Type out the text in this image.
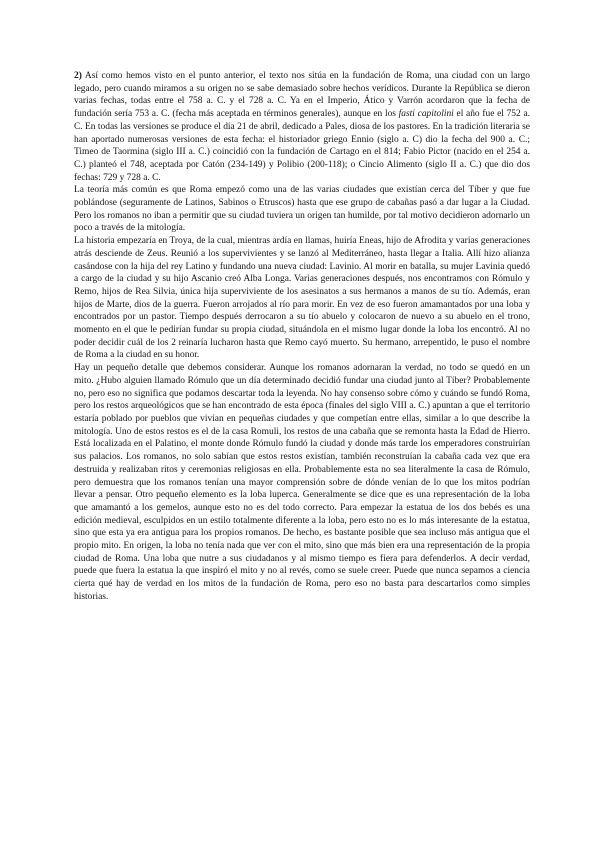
2) Así como hemos visto en el punto anterior, el texto nos sitúa en la fundación de Roma, una ciudad con un largo legado, pero cuando miramos a su origen no se sabe demasiado sobre hechos verídicos. Durante la República se dieron varias fechas, todas entre el 758 a. C. y el 728 a. C. Ya en el Imperio, Ático y Varrón acordaron que la fecha de fundación sería 753 a. C. (fecha más aceptada en términos generales), aunque en los fasti capitolini el año fue el 752 a. C. En todas las versiones se produce el día 21 de abril, dedicado a Pales, diosa de los pastores. En la tradición literaria se han aportado numerosas versiones de esta fecha: el historiador griego Ennio (siglo a. C) dio la fecha del 900 a. C.; Timeo de Taormina (siglo III a. C.) coincidió con la fundación de Cartago en el 814; Fabio Pictor (nacido en el 254 a. C.) planteó el 748, aceptada por Catón (234-149) y Polibio (200-118); o Cincio Alimento (siglo II a. C.) que dio dos fechas: 729 y 728 a. C.

La teoría más común es que Roma empezó como una de las varias ciudades que existían cerca del Tíber y que fue poblándose (seguramente de Latinos, Sabinos o Etruscos) hasta que ese grupo de cabañas pasó a dar lugar a la Ciudad. Pero los romanos no iban a permitir que su ciudad tuviera un origen tan humilde, por tal motivo decidieron adornarlo un poco a través de la mitología.

La historia empezaría en Troya, de la cual, mientras ardía en llamas, huiría Eneas, hijo de Afrodita y varias generaciones atrás desciende de Zeus. Reunió a los supervivientes y se lanzó al Mediterráneo, hasta llegar a Italia. Allí hizo alianza casándose con la hija del rey Latino y fundando una nueva ciudad: Lavinio. Al morir en batalla, su mujer Lavinia quedó a cargo de la ciudad y su hijo Ascanio creó Alba Longa. Varias generaciones después, nos encontramos con Rómulo y Remo, hijos de Rea Silvia, única hija superviviente de los asesinatos a sus hermanos a manos de su tío. Además, eran hijos de Marte, dios de la guerra. Fueron arrojados al río para morir. En vez de eso fueron amamantados por una loba y encontrados por un pastor. Tiempo después derrocaron a su tío abuelo y colocaron de nuevo a su abuelo en el trono, momento en el que le pedirían fundar su propia ciudad, situándola en el mismo lugar donde la loba los encontró. Al no poder decidir cuál de los 2 reinaría lucharon hasta que Remo cayó muerto. Su hermano, arrepentido, le puso el nombre de Roma a la ciudad en su honor.

Hay un pequeño detalle que debemos considerar. Aunque los romanos adornaran la verdad, no todo se quedó en un mito. ¿Hubo alguien llamado Rómulo que un día determinado decidió fundar una ciudad junto al Tíber? Probablemente no, pero eso no significa que podamos descartar toda la leyenda. No hay consenso sobre cómo y cuándo se fundó Roma, pero los restos arqueológicos que se han encontrado de esta época (finales del siglo VIII a. C.) apuntan a que el territorio estaría poblado por pueblos que vivían en pequeñas ciudades y que competían entre ellas, similar a lo que describe la mitología. Uno de estos restos es el de la casa Romuli, los restos de una cabaña que se remonta hasta la Edad de Hierro. Está localizada en el Palatino, el monte donde Rómulo fundó la ciudad y donde más tarde los emperadores construirían sus palacios. Los romanos, no solo sabían que estos restos existían, también reconstruían la cabaña cada vez que era destruida y realizaban ritos y ceremonias religiosas en ella. Probablemente esta no sea literalmente la casa de Rómulo, pero demuestra que los romanos tenían una mayor comprensión sobre de dónde venían de lo que los mitos podrían llevar a pensar. Otro pequeño elemento es la loba luperca. Generalmente se dice que es una representación de la loba que amamantó a los gemelos, aunque esto no es del todo correcto. Para empezar la estatua de los dos bebés es una edición medieval, esculpidos en un estilo totalmente diferente a la loba, pero esto no es lo más interesante de la estatua, sino que esta ya era antigua para los propios romanos. De hecho, es bastante posible que sea incluso más antigua que el propio mito. En origen, la loba no tenía nada que ver con el mito, sino que más bien era una representación de la propia ciudad de Roma. Una loba que nutre a sus ciudadanos y al mismo tiempo es fiera para defenderlos. A decir verdad, puede que fuera la estatua la que inspiró el mito y no al revés, como se suele creer. Puede que nunca sepamos a ciencia cierta qué hay de verdad en los mitos de la fundación de Roma, pero eso no basta para descartarlos como simples historias.
